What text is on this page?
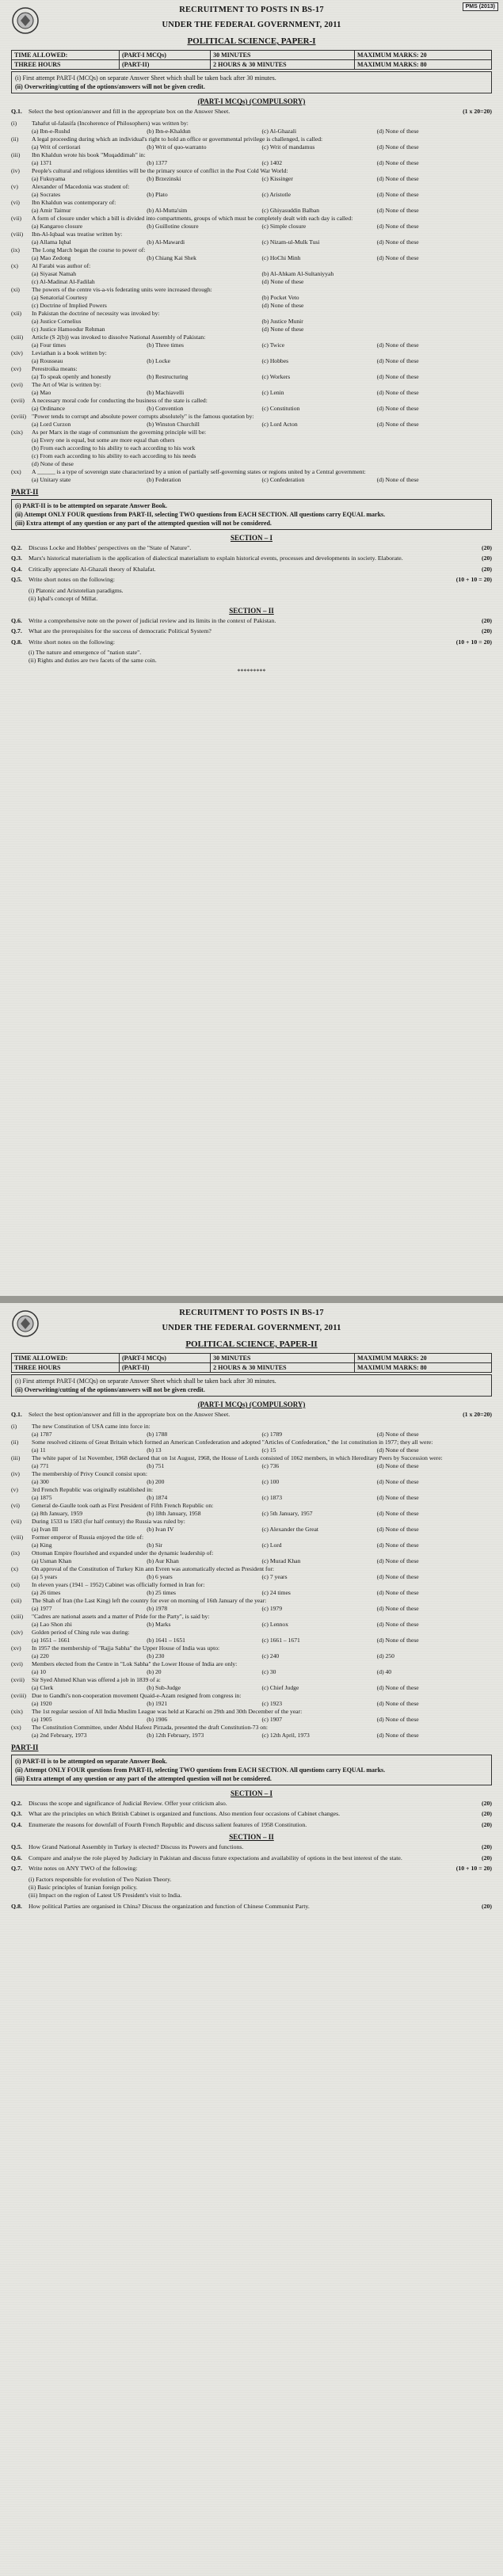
PMS (2013)
RECRUITMENT TO POSTS IN BS-17
UNDER THE FEDERAL GOVERNMENT, 2011
POLITICAL SCIENCE, PAPER-I
TIME ALLOWED:	(PART-I MCQs)	30 MINUTES	MAXIMUM MARKS: 20
THREE HOURS	(PART-II)	2 HOURS & 30 MINUTES	MAXIMUM MARKS: 80
(i) First attempt PART-I (MCQs) on separate Answer Sheet which shall be taken back after 30 minutes.
(ii) Overwriting/cutting of the options/answers will not be given credit.
(PART-I MCQs) (COMPULSORY)
Q.1.	Select the best option/answer and fill in the appropriate box on the Answer Sheet.	(1 x 20=20)
(i)	Tahafut ul-falasifa (Incoherence of Philosophers) was written by:
(a) Ibn-e-Rushd	(b) Ibn-e-Khaldun	(c) Al-Ghazali	(d) None of these
(ii)	A legal proceeding during which an individual's right to hold an office or governmental privilege is challenged, is called:
(a) Writ of certiorari	(b) Writ of quo-warranto	(c) Writ of mandamus	(d) None of these
(iii)	Ibn Khaldun wrote his book "Muqaddimah" in:
(a) 1371	(b) 1377	(c) 1402	(d) None of these
(iv)	People's cultural and religious identities will be the primary source of conflict in the Post Cold War World:
(a) Fukuyama	(b) Brzezinski	(c) Kissinger	(d) None of these
(v)	Alexander of Macedonia was student of:
(a) Socrates	(b) Plato	(c) Aristotle	(d) None of these
(vi)	Ibn Khaldun was contemporary of:
(a) Amir Taimur	(b) Al-Mutta'sim	(c) Ghiyasuddin Balban	(d) None of these
(vii)	A form of closure under which a bill is divided into compartments, groups of which must be completely dealt with each day is called:
(a) Kangaroo closure	(b) Guillotine closure	(c) Simple closure	(d) None of these
(viii)	Ibn-Al-Iqbaal was treatise written by:
(a) Allama Iqbal	(b) Al-Mawardi	(c) Nizam-ul-Mulk Tusi	(d) None of these
(ix)	The Long March began the course to power of:
(a) Mao Zedong	(b) Chiang Kai Shek	(c) HoChi Minh	(d) None of these
(x)	Al Farabi was author of:
(a) Siyasat Namah	(b) Al-Ahkam Al-Sultaniyyah
(c) Al-Madinat Al-Fadilah	(d) None of these
(xi)	The powers of the centre vis-a-vis federating units were increased through:
(a) Senatorial Courtesy	(b) Pocket Veto
(c) Doctrine of Implied Powers	(d) None of these
(xii)	In Pakistan the doctrine of necessity was invoked by:
(a) Justice Cornelius	(b) Justice Munir
(c) Justice Hamoodur Rehman	(d) None of these
(xiii)	Article (S 2(b)) was invoked to dissolve National Assembly of Pakistan:
(a) Four times	(b) Three times	(c) Twice	(d) None of these
(xiv)	Leviathan is a book written by:
(a) Rousseau	(b) Locke	(c) Hobbes	(d) None of these
(xv)	Perestroika means:
(a) To speak openly and honestly	(b) Restructuring	(c) Workers	(d) None of these
(xvi)	The Art of War is written by:
(a) Mao	(b) Machiavelli	(c) Lenin	(d) None of these
(xvii)	A necessary moral code for conducting the business of the state is called:
(a) Ordinance	(b) Convention	(c) Constitution	(d) None of these
(xviii) "Power tends to corrupt and absolute power corrupts absolutely" is the famous quotation by:
(a) Lord Curzon	(b) Winston Churchill	(c) Lord Acton	(d) None of these
(xix)	As per Marx in the stage of communism the governing principle will be:
(a) Every one is equal, but some are more equal than others
(b) From each according to his ability to each according to his work
(c) From each according to his ability to each according to his needs
(d) None of these
(xx)	A ______ is a type of sovereign state characterized by a union of partially self-governing states or regions united by a Central government:
(a) Unitary state	(b) Federation	(c) Confederation	(d) None of these
PART-II
(i) PART-II is to be attempted on separate Answer Book.
(ii) Attempt ONLY FOUR questions from PART-II, selecting TWO questions from EACH SECTION. All questions carry EQUAL marks.
(iii) Extra attempt of any question or any part of the attempted question will not be considered.
SECTION – I
Q.2.	Discuss Locke and Hobbes' perspectives on the "State of Nature".	(20)
Q.3.	Marx's historical materialism is the application of dialectical materialism to explain historical events, processes and developments in society. Elaborate.	(20)
Q.4.	Critically appreciate Al-Ghazali theory of Khalafat.	(20)
Q.5.	Write short notes on the following:	(10 + 10 = 20)
(i) Platonic and Aristotelian paradigms.
(ii) Iqbal's concept of Millat.
SECTION – II
Q.6.	Write a comprehensive note on the power of judicial review and its limits in the context of Pakistan.	(20)
Q.7.	What are the prerequisites for the success of democratic Political System?	(20)
Q.8.	Write short notes on the following:	(10 + 10 = 20)
(i) The nature and emergence of "nation state".
(ii) Rights and duties are two facets of the same coin.
*********
RECRUITMENT TO POSTS IN BS-17
UNDER THE FEDERAL GOVERNMENT, 2011
POLITICAL SCIENCE, PAPER-II
TIME ALLOWED:	(PART-I MCQs)	30 MINUTES	MAXIMUM MARKS: 20
THREE HOURS	(PART-II)	2 HOURS & 30 MINUTES	MAXIMUM MARKS: 80
(i) First attempt PART-I (MCQs) on separate Answer Sheet which shall be taken back after 30 minutes.
(ii) Overwriting/cutting of the options/answers will not be given credit.
(PART-I MCQs) (COMPULSORY)
Q.1.	Select the best option/answer and fill in the appropriate box on the Answer Sheet.	(1 x 20=20)
(i)	The new Constitution of USA came into force in:
(a) 1787	(b) 1788	(c) 1789	(d) None of these
(ii)	Some resolved citizens of Great Britain which formed an American Confederation and adopted "Articles of Confederation," the 1st constitution in 1977; they all were:
(a) 11	(b) 13	(c) 15	(d) None of these
(iii)	The white paper of 1st November, 1968 declared that on 1st August, 1968, the House of Lords consisted of 1062 members, in which Hereditary Peers by Succession were:
(a) 771	(b) 751	(c) 736	(d) None of these
(iv)	The membership of Privy Council consist upon:
(a) 300	(b) 200	(c) 100	(d) None of these
(v)	3rd French Republic was originally established in:
(a) 1875	(b) 1874	(c) 1873	(d) None of these
(vi)	General de-Gaulle took oath as First President of Fifth French Republic on:
(a) 8th January, 1959	(b) 18th January, 1958	(c) 5th January, 1957	(d) None of these
(vii)	During 1533 to 1583 (for half century) the Russia was ruled by:
(a) Ivan III	(b) Ivan IV	(c) Alexander the Great	(d) None of these
(viii)	Former emperor of Russia enjoyed the title of:
(a) King	(b) Sir	(c) Lord	(d) None of these
(ix)	Ottoman Empire flourished and expanded under the dynamic leadership of:
(a) Usman Khan	(b) Aur Khan	(c) Murad Khan	(d) None of these
(x)	On approval of the Constitution of Turkey Kin ann Evren was automatically elected as President for:
(a) 5 years	(b) 6 years	(c) 7 years	(d) None of these
(xi)	In eleven years (1941 – 1952) Cabinet was officially formed in Iran for:
(a) 26 times	(b) 25 times	(c) 24 times	(d) None of these
(xii)	The Shah of Iran (the Last King) left the country for ever on morning of 16th January of the year:
(a) 1977	(b) 1978	(c) 1979	(d) None of these
(xiii)	"Cadres are national assets and a matter of Pride for the Party", is said by:
(a) Lao Shon zhi	(b) Marks	(c) Lennox	(d) None of these
(xiv)	Golden period of Ching rule was during:
(a) 1651 – 1661	(b) 1641 – 1651	(c) 1661 – 1671	(d) None of these
(xv)	In 1957 the membership of "Rajja Sabha" the Upper House of India was upto:
(a) 220	(b) 230	(c) 240	(d) 250
(xvi)	Members elected from the Centre in "Lok Sabha" the Lower House of India are only:
(a) 10	(b) 20	(c) 30	(d) 40
(xvii)	Sir Syed Ahmed Khan was offered a job in 1839 of a:
(a) Clerk	(b) Sub-Judge	(c) Chief Judge	(d) None of these
(xviii) Due to Gandhi's non-cooperation movement Quaid-e-Azam resigned from congress in:
(a) 1920	(b) 1921	(c) 1923	(d) None of these
(xix)	The 1st regular session of All India Muslim League was held at Karachi on 29th and 30th December of the year:
(a) 1905	(b) 1906	(c) 1907	(d) None of these
(xx)	The Constitution Committee, under Abdul Hafeez Pirzada, presented the draft Constitution-73 on:
(a) 2nd February, 1973	(b) 12th February, 1973	(c) 12th April, 1973	(d) None of these
PART-II
(i) PART-II is to be attempted on separate Answer Book.
(ii) Attempt ONLY FOUR questions from PART-II, selecting TWO questions from EACH SECTION. All questions carry EQUAL marks.
(iii) Extra attempt of any question or any part of the attempted question will not be considered.
SECTION – I
Q.2.	Discuss the scope and significance of Judicial Review. Offer your criticism also.	(20)
Q.3.	What are the principles on which British Cabinet is organized and functions. Also mention four occasions of Cabinet changes.	(20)
Q.4.	Enumerate the reasons for downfall of Fourth French Republic and discuss salient features of 1958 Constitution.	(20)
SECTION – II
Q.5.	How Grand National Assembly in Turkey is elected? Discuss its Powers and functions.	(20)
Q.6.	Compare and analyse the role played by Judiciary in Pakistan and discuss future expectations and availability of options in the best interest of the state.	(20)
Q.7.	Write notes on ANY TWO of the following:	(10 + 10 = 20)
(i) Factors responsible for evolution of Two Nation Theory.
(ii) Basic principles of Iranian foreign policy.
(iii) Impact on the region of Latest US President's visit to India.
Q.8.	How political Parties are organised in China? Discuss the organization and function of Chinese Communist Party.	(20)
